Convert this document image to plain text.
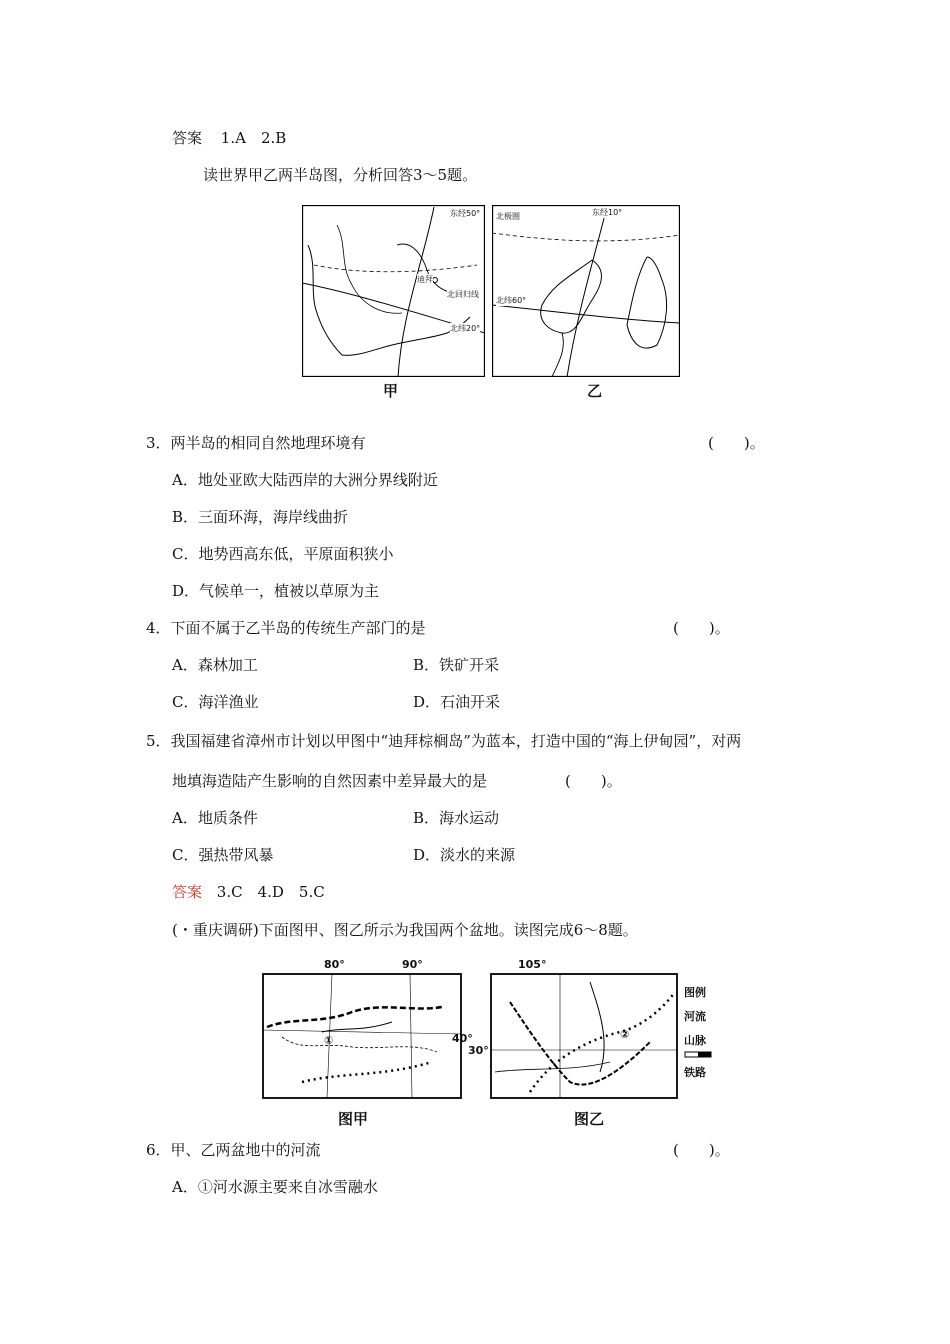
答案 1.A　2.B
读世界甲乙两半岛图，分析回答3～5题。
东经50°
迪拜
北回归线
北纬20°
北极圈	东经10°
北纬60°
甲	乙
3．两半岛的相同自然地理环境有	(　　)。
A．地处亚欧大陆西岸的大洲分界线附近
B．三面环海，海岸线曲折
C．地势西高东低，平原面积狭小
D．气候单一，植被以草原为主
4．下面不属于乙半岛的传统生产部门的是	(　　)。
A．森林加工	B．铁矿开采
C．海洋渔业	D．石油开采
5．我国福建省漳州市计划以甲图中“迪拜棕榈岛”为蓝本，打造中国的“海上伊甸园”，对两
地填海造陆产生影响的自然因素中差异最大的是	(　　)。
A．地质条件	B．海水运动
C．强热带风暴	D．淡水的来源
答案 3.C　4.D　5.C
(・重庆调研)下面图甲、图乙所示为我国两个盆地。读图完成6～8题。
80°	90°
40°
①
105°
30°
②
图例
河流
山脉
铁路
图甲	图乙
6．甲、乙两盆地中的河流	(　　)。
A．①河水源主要来自冰雪融水
